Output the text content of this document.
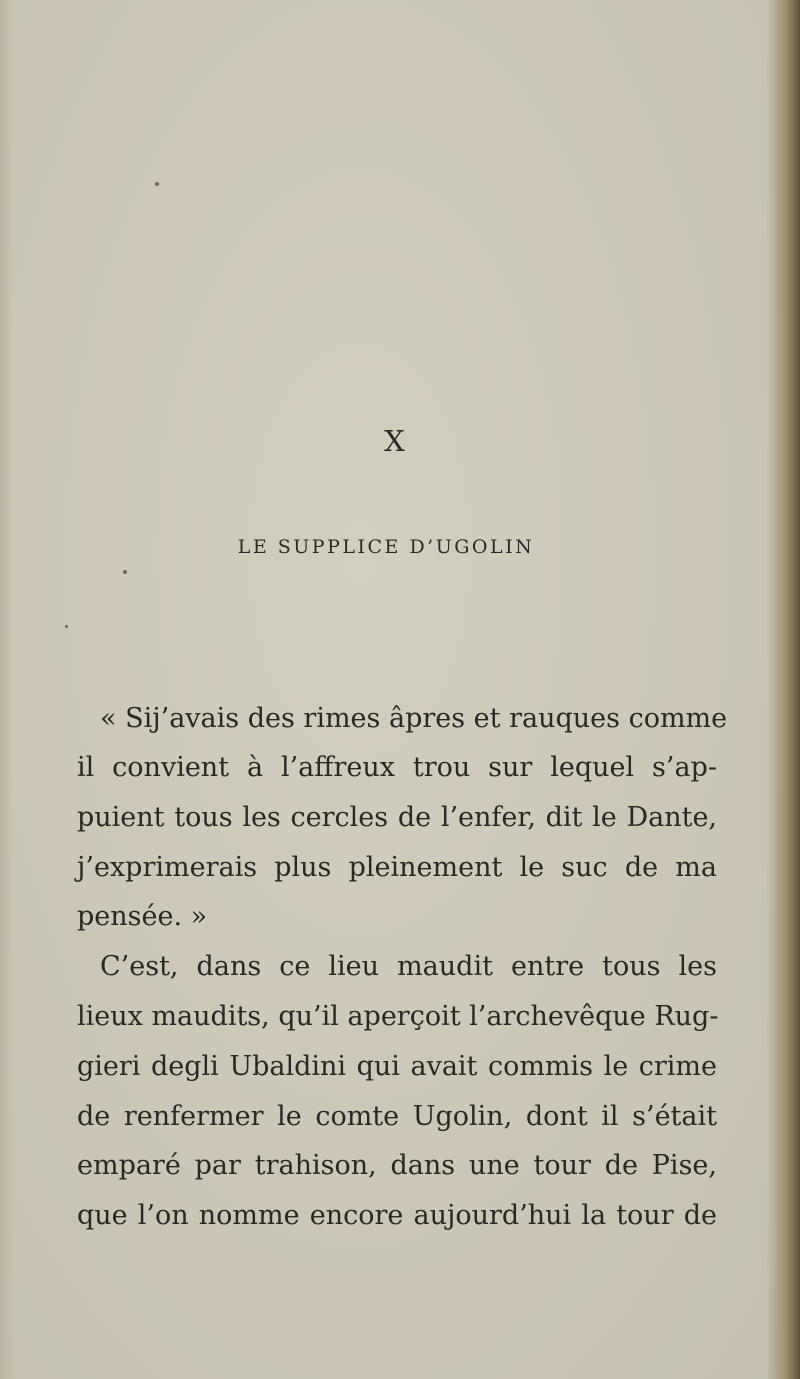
X
LE SUPPLICE D’UGOLIN
« Sij’avais des rimes âpres et rauques comme
il convient à l’affreux trou sur lequel s’ap-
puient tous les cercles de l’enfer, dit le Dante,
j’exprimerais plus pleinement le suc de ma
pensée. »
C’est, dans ce lieu maudit entre tous les
lieux maudits, qu’il aperçoit l’archevêque Rug-
gieri degli Ubaldini qui avait commis le crime
de renfermer le comte Ugolin, dont il s’était
emparé par trahison, dans une tour de Pise,
que l’on nomme encore aujourd’hui la tour de
